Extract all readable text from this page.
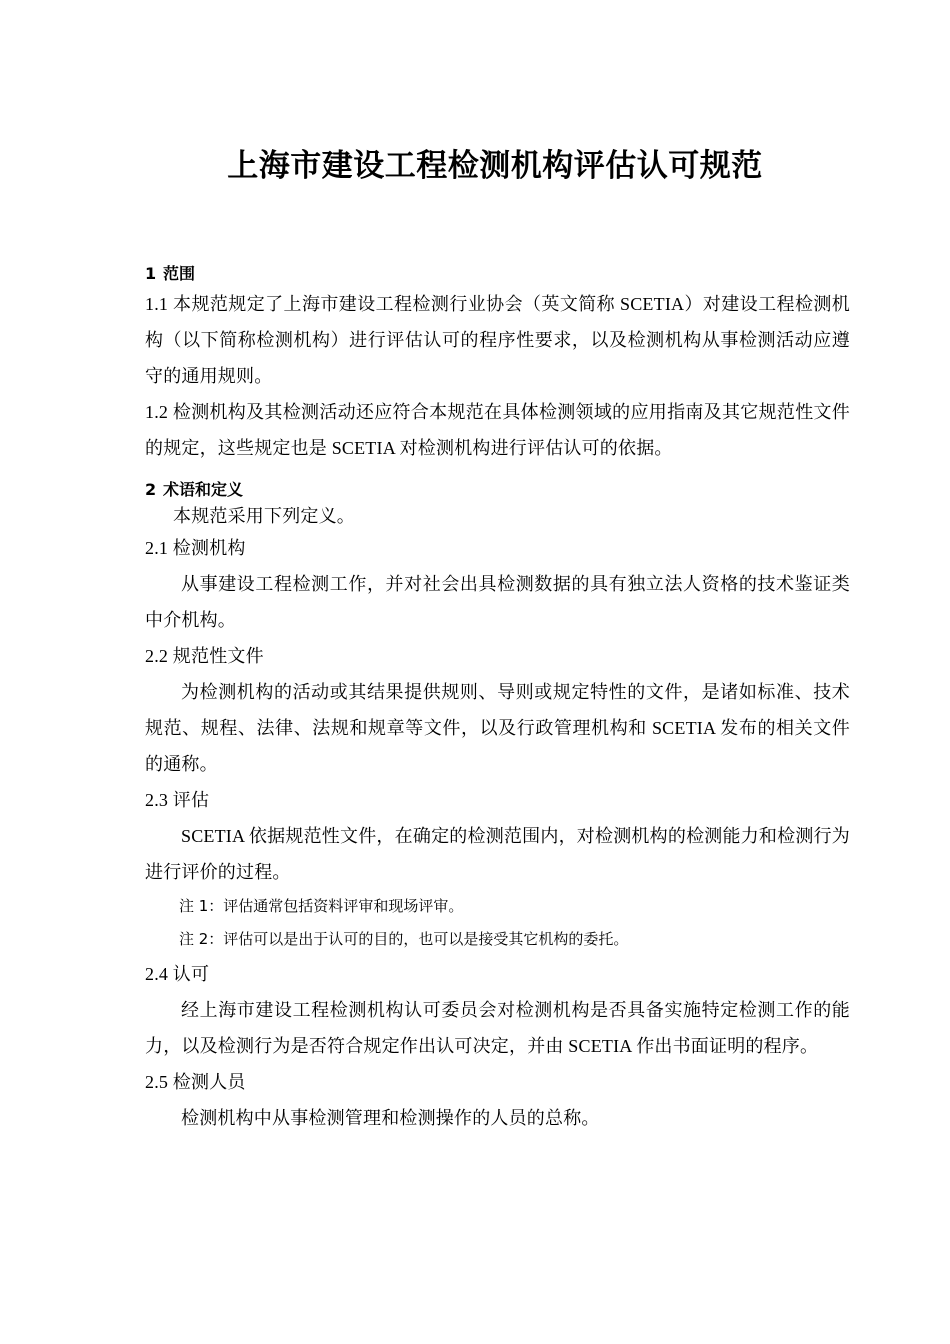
上海市建设工程检测机构评估认可规范

1 范围

1.1 本规范规定了上海市建设工程检测行业协会（英文简称 SCETIA）对建设工程检测机构（以下简称检测机构）进行评估认可的程序性要求，以及检测机构从事检测活动应遵守的通用规则。

1.2 检测机构及其检测活动还应符合本规范在具体检测领域的应用指南及其它规范性文件的规定，这些规定也是 SCETIA 对检测机构进行评估认可的依据。

2 术语和定义

本规范采用下列定义。

2.1 检测机构

从事建设工程检测工作，并对社会出具检测数据的具有独立法人资格的技术鉴证类中介机构。

2.2 规范性文件

为检测机构的活动或其结果提供规则、导则或规定特性的文件，是诸如标准、技术规范、规程、法律、法规和规章等文件，以及行政管理机构和 SCETIA 发布的相关文件的通称。

2.3 评估

SCETIA 依据规范性文件，在确定的检测范围内，对检测机构的检测能力和检测行为进行评价的过程。

注 1：评估通常包括资料评审和现场评审。

注 2：评估可以是出于认可的目的，也可以是接受其它机构的委托。

2.4 认可

经上海市建设工程检测机构认可委员会对检测机构是否具备实施特定检测工作的能力，以及检测行为是否符合规定作出认可决定，并由 SCETIA 作出书面证明的程序。

2.5 检测人员

检测机构中从事检测管理和检测操作的人员的总称。
